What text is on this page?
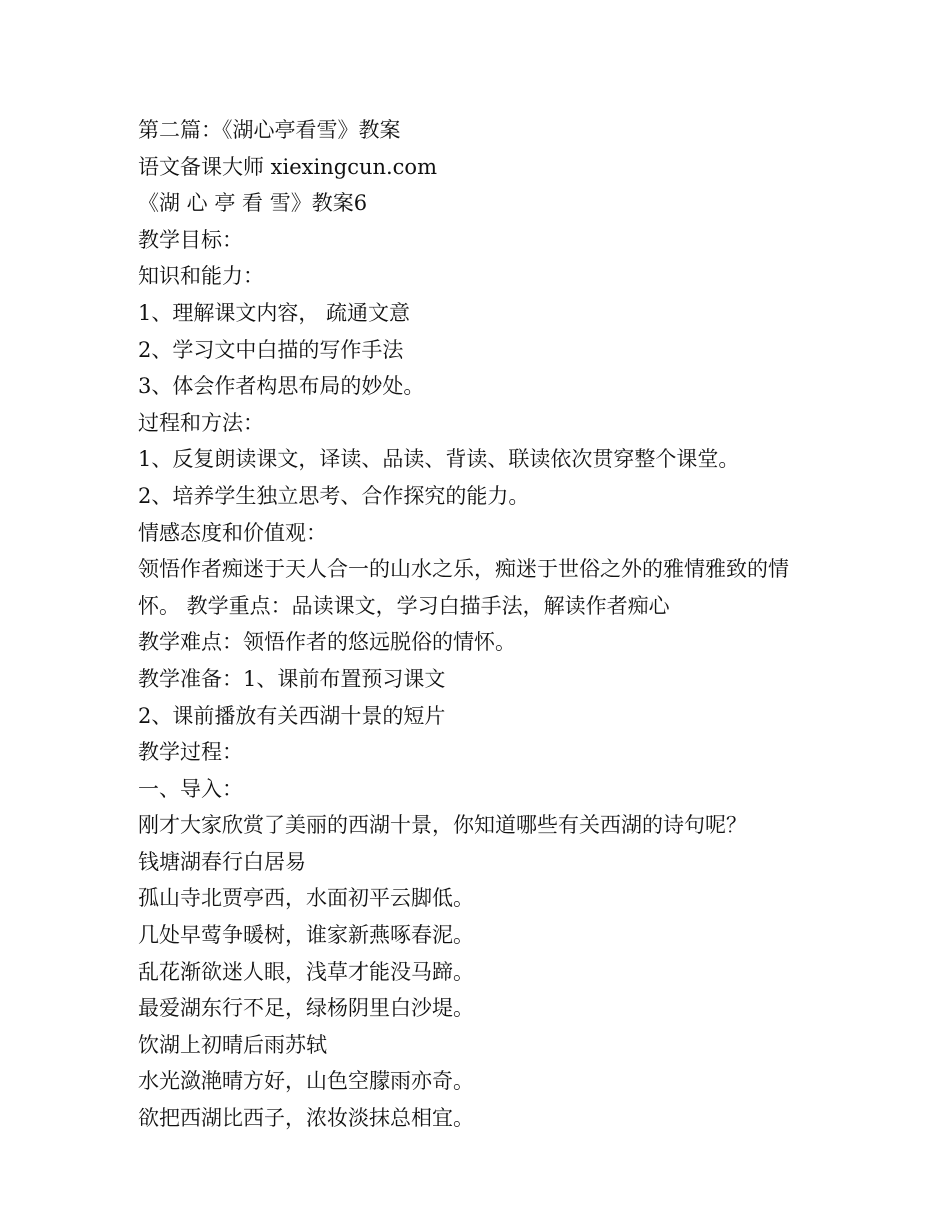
第二篇：《湖心亭看雪》教案

语文备课大师 xiexingcun.com

《湖 心 亭 看 雪》教案6

教学目标：

知识和能力：

1、理解课文内容， 疏通文意

2、学习文中白描的写作手法

3、体会作者构思布局的妙处。

过程和方法：

1、反复朗读课文，译读、品读、背读、联读依次贯穿整个课堂。

2、培养学生独立思考、合作探究的能力。

情感态度和价值观：

领悟作者痴迷于天人合一的山水之乐，痴迷于世俗之外的雅情雅致的情

怀。 教学重点：品读课文，学习白描手法，解读作者痴心

教学难点：领悟作者的悠远脱俗的情怀。

教学准备：1、课前布置预习课文

2、课前播放有关西湖十景的短片

教学过程：

一、导入：

刚才大家欣赏了美丽的西湖十景，你知道哪些有关西湖的诗句呢？

钱塘湖春行白居易

孤山寺北贾亭西，水面初平云脚低。

几处早莺争暖树，谁家新燕啄春泥。

乱花渐欲迷人眼，浅草才能没马蹄。

最爱湖东行不足，绿杨阴里白沙堤。

饮湖上初晴后雨苏轼

水光潋滟晴方好，山色空朦雨亦奇。

欲把西湖比西子，浓妆淡抹总相宜。
